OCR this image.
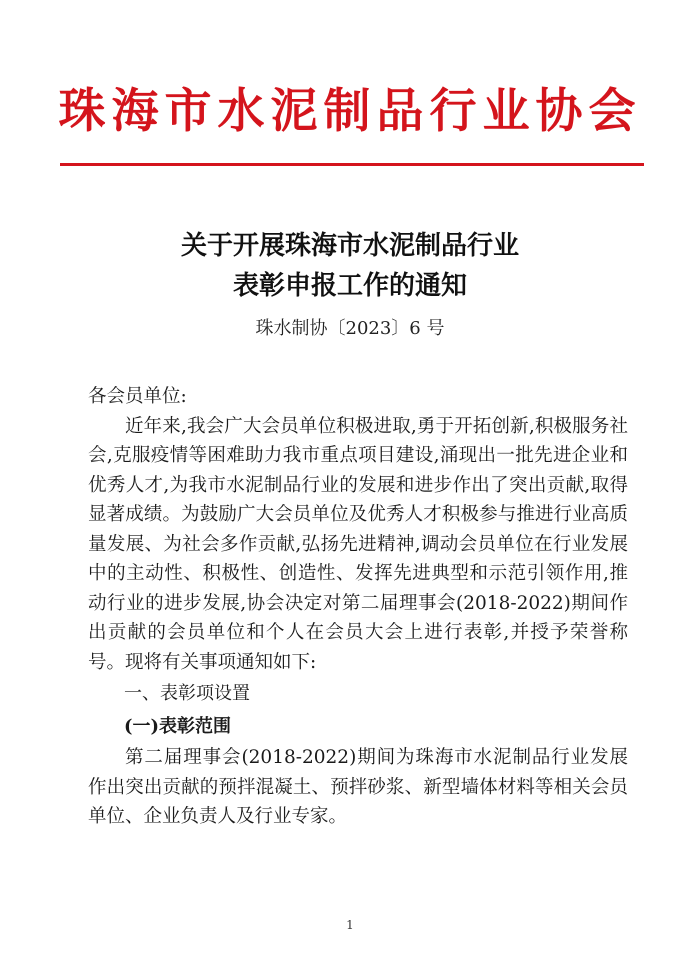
珠海市水泥制品行业协会
关于开展珠海市水泥制品行业
表彰申报工作的通知
珠水制协〔2023〕6 号

各会员单位:

近年来,我会广大会员单位积极进取,勇于开拓创新,积极服务社会,克服疫情等困难助力我市重点项目建设,涌现出一批先进企业和优秀人才,为我市水泥制品行业的发展和进步作出了突出贡献,取得显著成绩。为鼓励广大会员单位及优秀人才积极参与推进行业高质量发展、为社会多作贡献,弘扬先进精神,调动会员单位在行业发展中的主动性、积极性、创造性、发挥先进典型和示范引领作用,推动行业的进步发展,协会决定对第二届理事会(2018-2022)期间作出贡献的会员单位和个人在会员大会上进行表彰,并授予荣誉称号。现将有关事项通知如下:

一、表彰项设置

(一)表彰范围

第二届理事会(2018-2022)期间为珠海市水泥制品行业发展作出突出贡献的预拌混凝土、预拌砂浆、新型墙体材料等相关会员单位、企业负责人及行业专家。

1
